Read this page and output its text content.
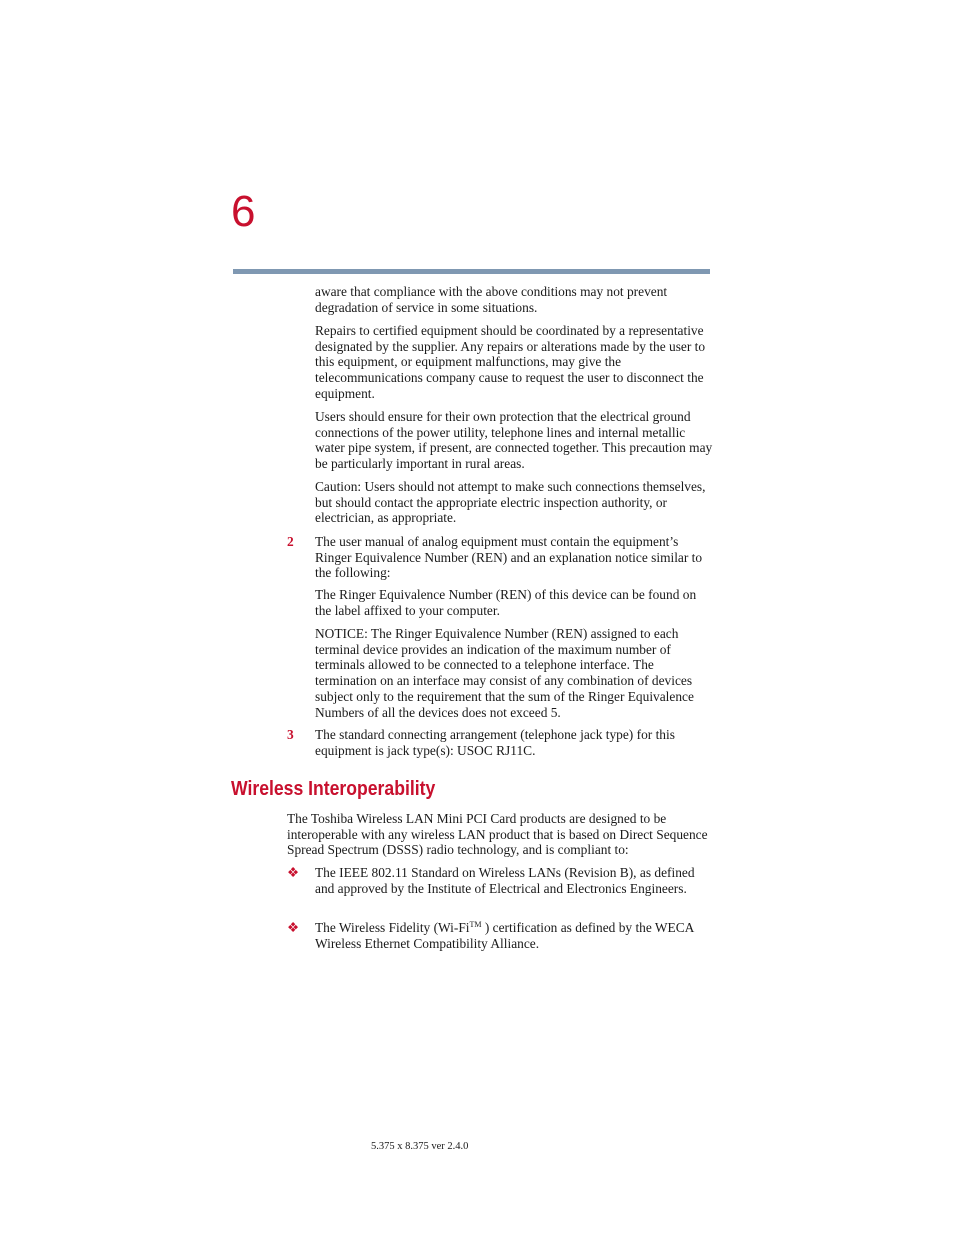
6

aware that compliance with the above conditions may not prevent degradation of service in some situations.

Repairs to certified equipment should be coordinated by a representative designated by the supplier. Any repairs or alterations made by the user to this equipment, or equipment malfunctions, may give the telecommunications company cause to request the user to disconnect the equipment.

Users should ensure for their own protection that the electrical ground connections of the power utility, telephone lines and internal metallic water pipe system, if present, are connected together. This precaution may be particularly important in rural areas.

Caution: Users should not attempt to make such connections themselves, but should contact the appropriate electric inspection authority, or electrician, as appropriate.

2 The user manual of analog equipment must contain the equipment’s Ringer Equivalence Number (REN) and an explanation notice similar to the following:

The Ringer Equivalence Number (REN) of this device can be found on the label affixed to your computer.

NOTICE: The Ringer Equivalence Number (REN) assigned to each terminal device provides an indication of the maximum number of terminals allowed to be connected to a telephone interface. The termination on an interface may consist of any combination of devices subject only to the requirement that the sum of the Ringer Equivalence Numbers of all the devices does not exceed 5.

3 The standard connecting arrangement (telephone jack type) for this equipment is jack type(s): USOC RJ11C.

Wireless Interoperability

The Toshiba Wireless LAN Mini PCI Card products are designed to be interoperable with any wireless LAN product that is based on Direct Sequence Spread Spectrum (DSSS) radio technology, and is compliant to:

❖ The IEEE 802.11 Standard on Wireless LANs (Revision B), as defined and approved by the Institute of Electrical and Electronics Engineers.

❖ The Wireless Fidelity (Wi-Fi™ ) certification as defined by the WECA Wireless Ethernet Compatibility Alliance.

5.375 x 8.375 ver 2.4.0
